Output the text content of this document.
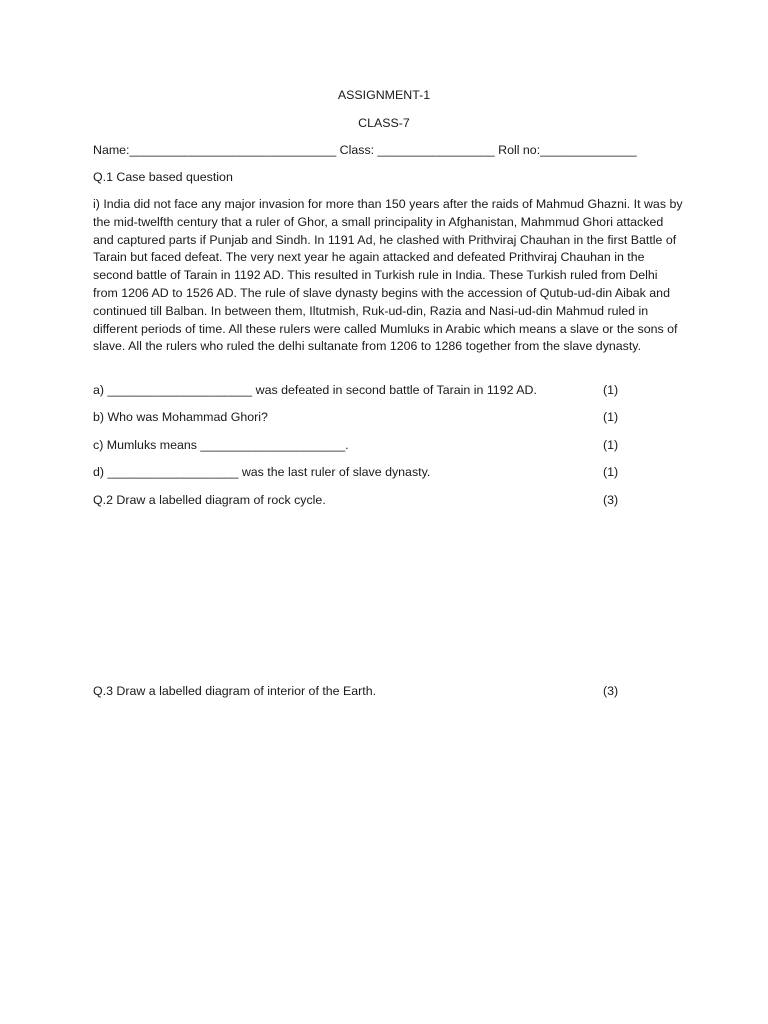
ASSIGNMENT-1
CLASS-7
Name:______________________________ Class: _________________ Roll no:______________
Q.1 Case based question
i) India did not face any major invasion for more than 150 years after the raids of Mahmud Ghazni. It was by the mid-twelfth century that a ruler of Ghor, a small principality in Afghanistan, Mahmmud Ghori attacked and captured parts if Punjab and Sindh. In 1191 Ad, he clashed with Prithviraj Chauhan in the first Battle of Tarain but faced defeat. The very next year he again attacked and defeated Prithviraj Chauhan in the second battle of Tarain in 1192 AD. This resulted in Turkish rule in India. These Turkish ruled from Delhi from 1206 AD to 1526 AD. The rule of slave dynasty begins with the accession of Qutub-ud-din Aibak and continued till Balban. In between them, Iltutmish, Ruk-ud-din, Razia and Nasi-ud-din Mahmud ruled in different periods of time. All these rulers were called Mumluks in Arabic which means a slave or the sons of slave. All the rulers who ruled the delhi sultanate from 1206 to 1286 together from the slave dynasty.
a) _____________________ was defeated in second battle of Tarain in 1192 AD.	(1)
b) Who was Mohammad Ghori?	(1)
c) Mumluks means _____________________.	(1)
d) ___________________ was the last ruler of slave dynasty.	(1)
Q.2 Draw a labelled diagram of rock cycle.	(3)
Q.3 Draw a labelled diagram of interior of the Earth.	(3)
